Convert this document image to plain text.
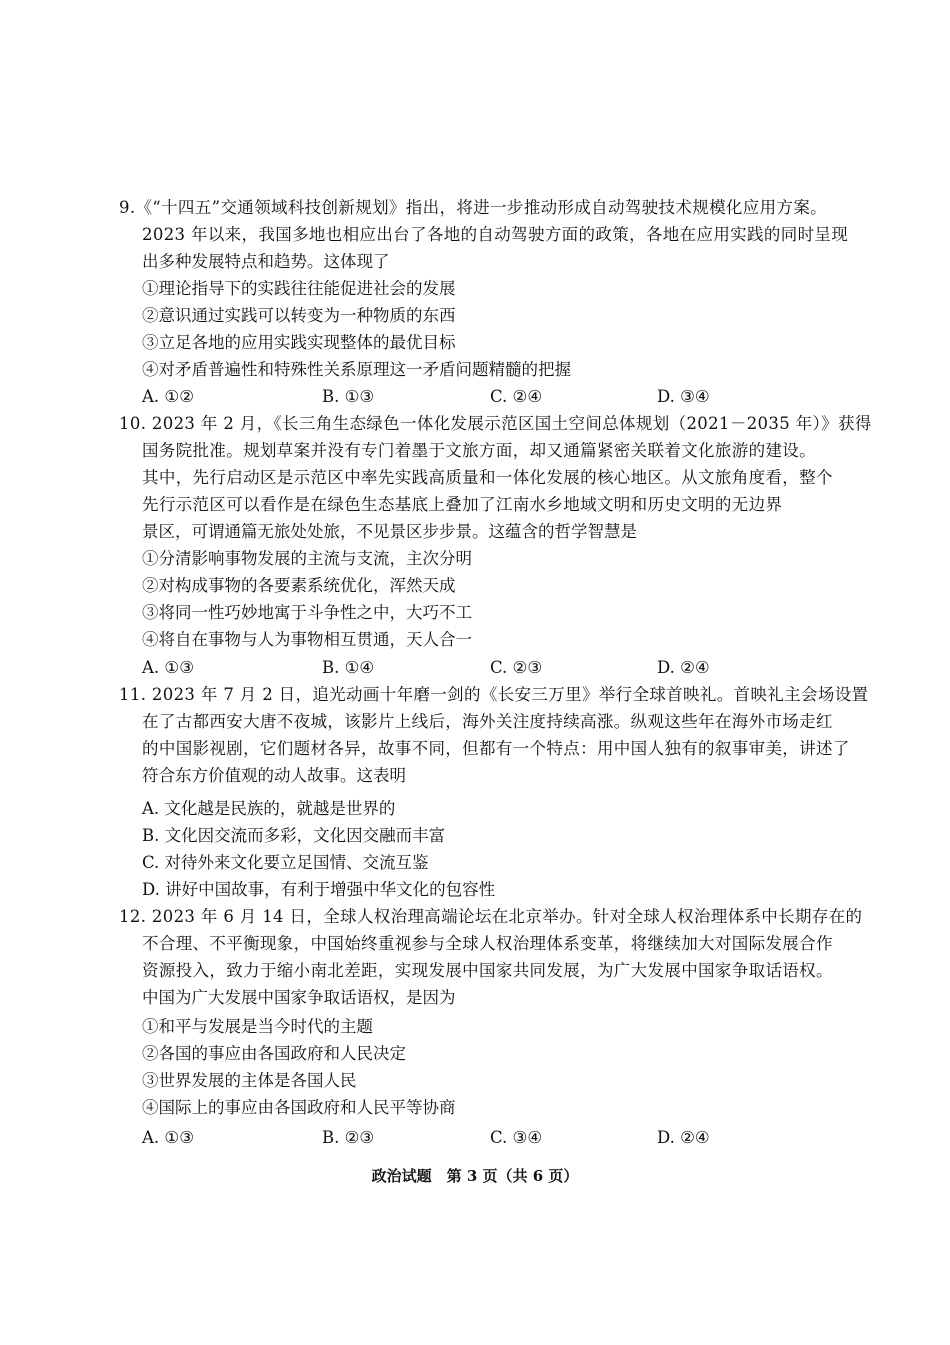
9.《“十四五”交通领域科技创新规划》指出，将进一步推动形成自动驾驶技术规模化应用方案。
2023 年以来，我国多地也相应出台了各地的自动驾驶方面的政策，各地在应用实践的同时呈现
出多种发展特点和趋势。这体现了
①理论指导下的实践往往能促进社会的发展
②意识通过实践可以转变为一种物质的东西
③立足各地的应用实践实现整体的最优目标
④对矛盾普遍性和特殊性关系原理这一矛盾问题精髓的把握
A. ①②	B. ①③	C. ②④	D. ③④
10. 2023 年 2 月，《长三角生态绿色一体化发展示范区国土空间总体规划（2021－2035 年）》获得
国务院批准。规划草案并没有专门着墨于文旅方面，却又通篇紧密关联着文化旅游的建设。
其中，先行启动区是示范区中率先实践高质量和一体化发展的核心地区。从文旅角度看，整个
先行示范区可以看作是在绿色生态基底上叠加了江南水乡地域文明和历史文明的无边界
景区，可谓通篇无旅处处旅，不见景区步步景。这蕴含的哲学智慧是
①分清影响事物发展的主流与支流，主次分明
②对构成事物的各要素系统优化，浑然天成
③将同一性巧妙地寓于斗争性之中，大巧不工
④将自在事物与人为事物相互贯通，天人合一
A. ①③	B. ①④	C. ②③	D. ②④
11. 2023 年 7 月 2 日，追光动画十年磨一剑的《长安三万里》举行全球首映礼。首映礼主会场设置
在了古都西安大唐不夜城，该影片上线后，海外关注度持续高涨。纵观这些年在海外市场走红
的中国影视剧，它们题材各异，故事不同，但都有一个特点：用中国人独有的叙事审美，讲述了
符合东方价值观的动人故事。这表明
A. 文化越是民族的，就越是世界的
B. 文化因交流而多彩，文化因交融而丰富
C. 对待外来文化要立足国情、交流互鉴
D. 讲好中国故事，有利于增强中华文化的包容性
12. 2023 年 6 月 14 日，全球人权治理高端论坛在北京举办。针对全球人权治理体系中长期存在的
不合理、不平衡现象，中国始终重视参与全球人权治理体系变革，将继续加大对国际发展合作
资源投入，致力于缩小南北差距，实现发展中国家共同发展，为广大发展中国家争取话语权。
中国为广大发展中国家争取话语权，是因为
①和平与发展是当今时代的主题
②各国的事应由各国政府和人民决定
③世界发展的主体是各国人民
④国际上的事应由各国政府和人民平等协商
A. ①③	B. ②③	C. ③④	D. ②④
政治试题　第 3 页（共 6 页）
